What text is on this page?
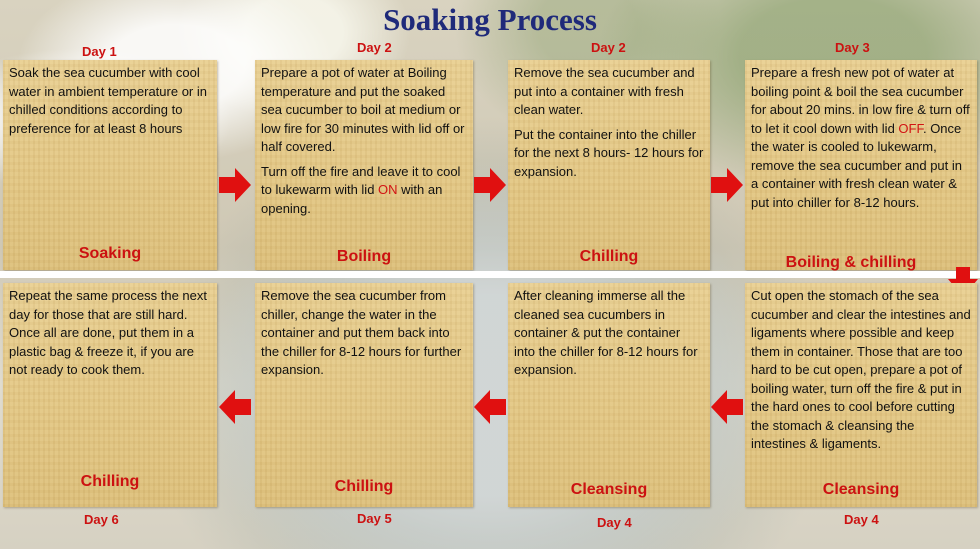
Soaking Process
Day 1	Day 2	Day 2	Day 3
Soak the sea cucumber with cool water in ambient temperature or in chilled conditions according to preference for at least 8 hours
Soaking

Prepare a pot of water at Boiling temperature and put the soaked sea cucumber to boil at medium or low fire for 30 minutes with lid off or half covered.

Turn off the fire and leave it to cool to lukewarm with lid ON with an opening.

Boiling

Remove the sea cucumber and put into a container with fresh clean water.

Put the container into the chiller for the next 8 hours- 12 hours for expansion.

Chilling
Prepare a fresh new pot of water at boiling point & boil the sea cucumber for about 20 mins. in low fire & turn off to let it cool down with lid OFF. Once the water is cooled to lukewarm, remove the sea cucumber and put in a container with fresh clean water & put into chiller for 8-12 hours.
Boiling & chilling
Repeat the same process the next day for those that are still hard. Once all are done, put them in a plastic bag & freeze it, if you are not ready to cook them.
Chilling
Remove the sea cucumber from chiller, change the water in the container and put them back into the chiller for 8-12 hours for further expansion.
Chilling
After cleaning immerse all the cleaned sea cucumbers in container & put the container into the chiller for 8-12 hours for expansion.
Cleansing
Cut open the stomach of the sea cucumber and clear the intestines and ligaments where possible and keep them in container. Those that are too hard to be cut open, prepare a pot of boiling water, turn off the fire & put in the hard ones to cool before cutting the stomach & cleansing the intestines & ligaments.
Cleansing
Day 6	Day 5	Day 4	Day 4
